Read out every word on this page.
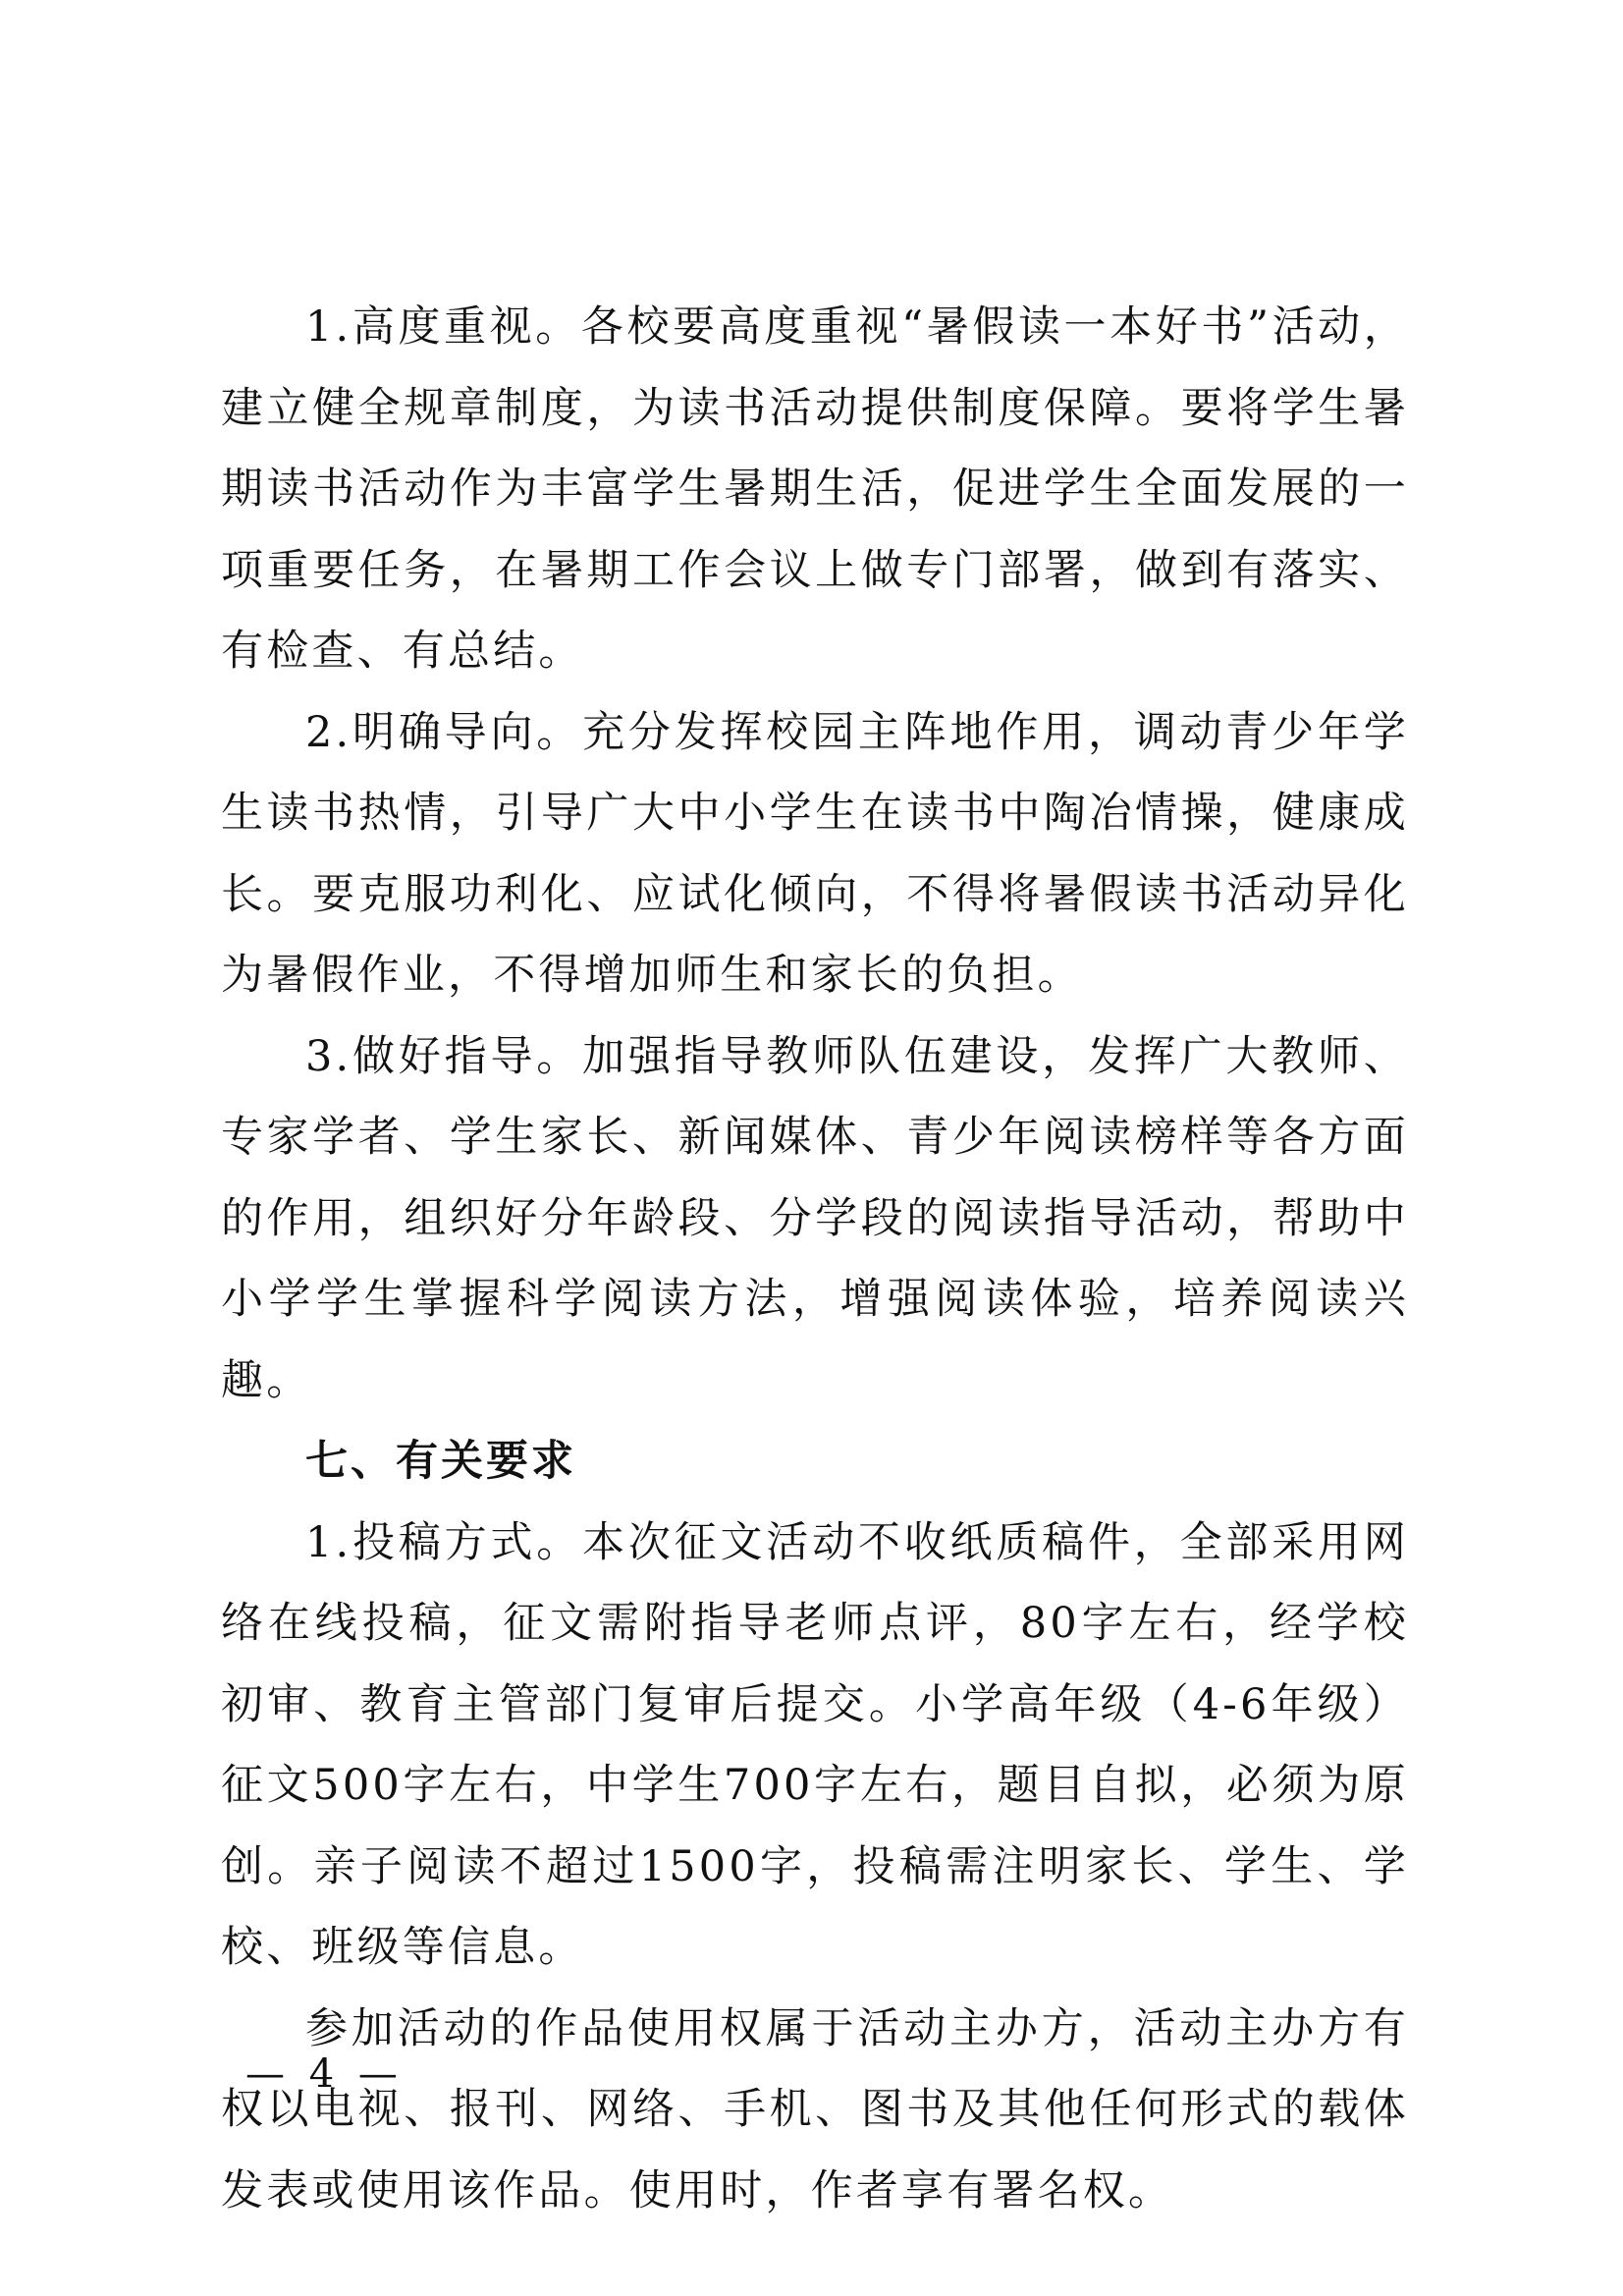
1.高度重视。各校要高度重视“暑假读一本好书”活动，建立健全规章制度，为读书活动提供制度保障。要将学生暑期读书活动作为丰富学生暑期生活，促进学生全面发展的一项重要任务，在暑期工作会议上做专门部署，做到有落实、有检查、有总结。

2.明确导向。充分发挥校园主阵地作用，调动青少年学生读书热情，引导广大中小学生在读书中陶冶情操，健康成长。要克服功利化、应试化倾向，不得将暑假读书活动异化为暑假作业，不得增加师生和家长的负担。

3.做好指导。加强指导教师队伍建设，发挥广大教师、专家学者、学生家长、新闻媒体、青少年阅读榜样等各方面的作用，组织好分年龄段、分学段的阅读指导活动，帮助中小学学生掌握科学阅读方法，增强阅读体验，培养阅读兴趣。

七、有关要求

1.投稿方式。本次征文活动不收纸质稿件，全部采用网络在线投稿，征文需附指导老师点评，80字左右，经学校初审、教育主管部门复审后提交。小学高年级（4-6年级）征文500字左右，中学生700字左右，题目自拟，必须为原创。亲子阅读不超过1500字，投稿需注明家长、学生、学校、班级等信息。

参加活动的作品使用权属于活动主办方，活动主办方有权以电视、报刊、网络、手机、图书及其他任何形式的载体发表或使用该作品。使用时，作者享有署名权。

— 4 —
